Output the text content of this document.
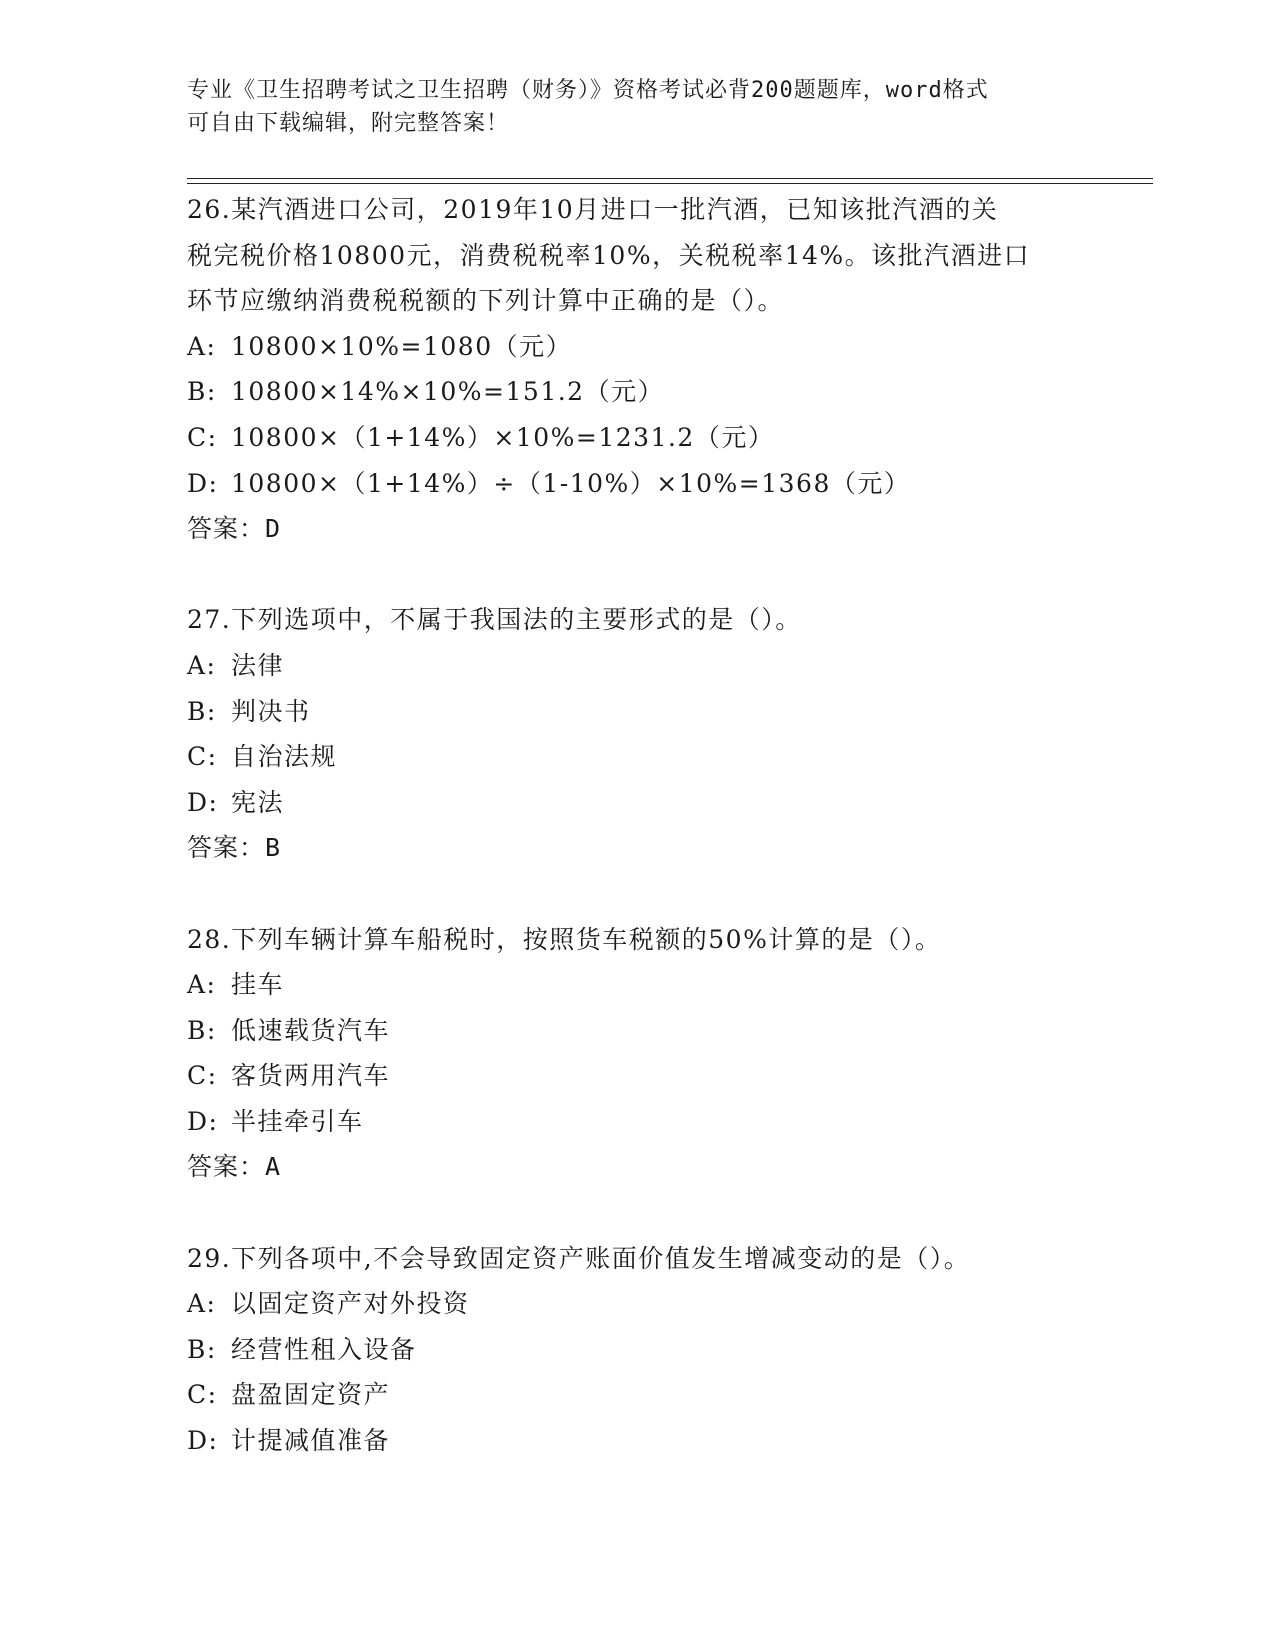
专业《卫生招聘考试之卫生招聘（财务）》资格考试必背200题题库，word格式
可自由下载编辑，附完整答案！
26.某汽酒进口公司，2019年10月进口一批汽酒，已知该批汽酒的关
税完税价格10800元，消费税税率10%，关税税率14%。该批汽酒进口
环节应缴纳消费税税额的下列计算中正确的是（）。
A: 10800×10%=1080（元）
B: 10800×14%×10%=151.2（元）
C: 10800×（1+14%）×10%=1231.2（元）
D: 10800×（1+14%）÷（1-10%）×10%=1368（元）
答案：D
27.下列选项中，不属于我国法的主要形式的是（）。
A: 法律
B: 判决书
C: 自治法规
D: 宪法
答案：B
28.下列车辆计算车船税时，按照货车税额的50%计算的是（）。
A: 挂车
B: 低速载货汽车
C: 客货两用汽车
D: 半挂牵引车
答案：A
29.下列各项中,不会导致固定资产账面价值发生增减变动的是（）。
A: 以固定资产对外投资
B: 经营性租入设备
C: 盘盈固定资产
D: 计提减值准备
